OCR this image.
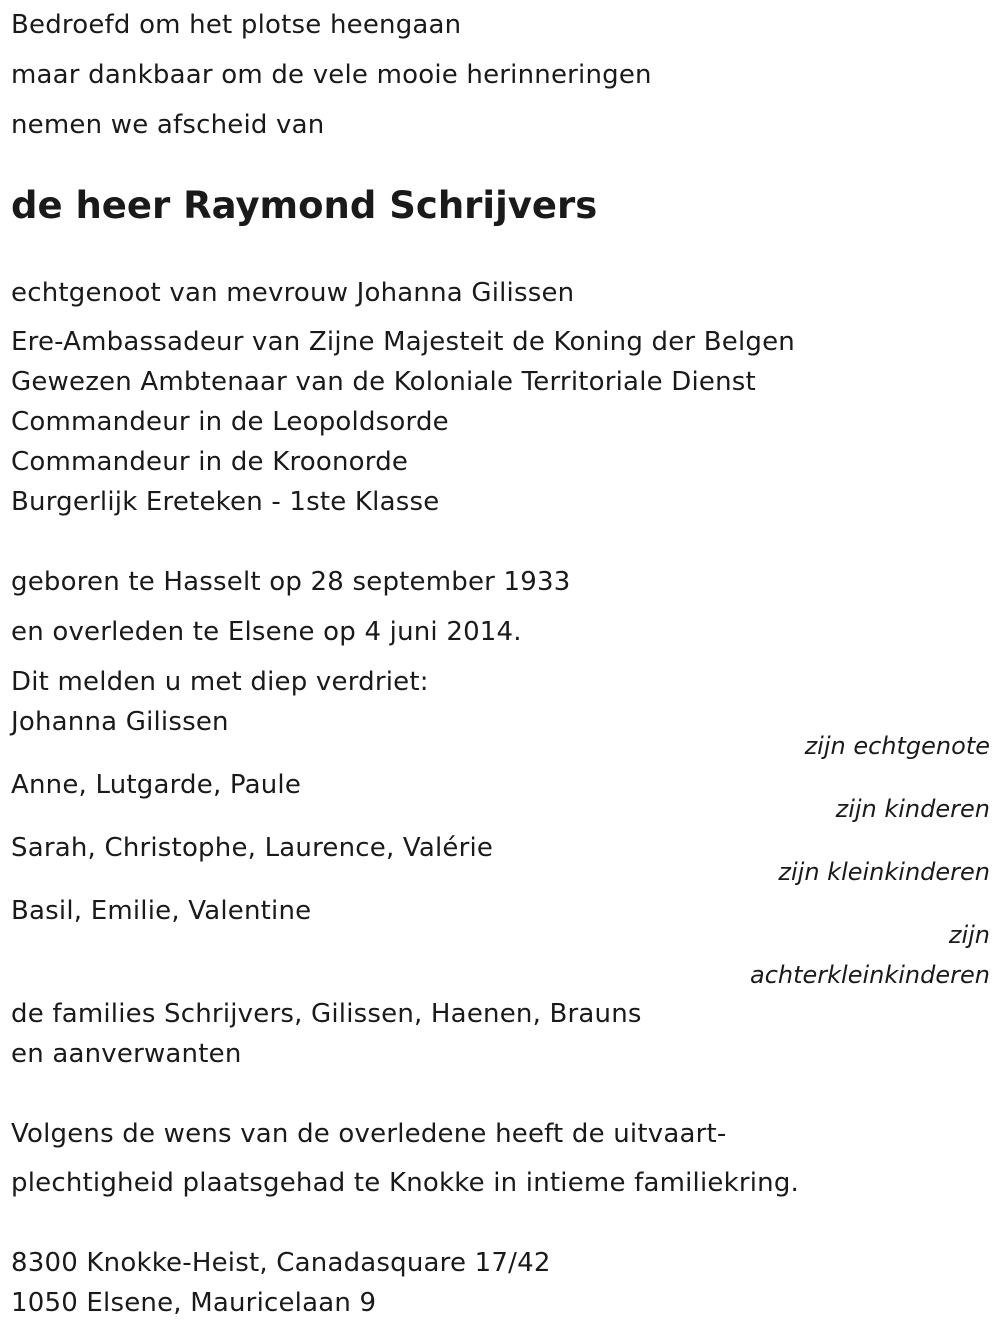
Bedroefd om het plotse heengaan
maar dankbaar om de vele mooie herinneringen
nemen we afscheid van
de heer Raymond Schrijvers
echtgenoot van mevrouw Johanna Gilissen
Ere-Ambassadeur van Zijne Majesteit de Koning der Belgen
Gewezen Ambtenaar van de Koloniale Territoriale Dienst
Commandeur in de Leopoldsorde
Commandeur in de Kroonorde
Burgerlijk Ereteken - 1ste Klasse
geboren te Hasselt op 28 september 1933
en overleden te Elsene op 4 juni 2014.
Dit melden u met diep verdriet:
Johanna Gilissen
zijn echtgenote
Anne, Lutgarde, Paule
zijn kinderen
Sarah, Christophe, Laurence, Valérie
zijn kleinkinderen
Basil, Emilie, Valentine
zijn
achterkleinkinderen
de families Schrijvers, Gilissen, Haenen, Brauns
en aanverwanten
Volgens de wens van de overledene heeft de uitvaart-
plechtigheid plaatsgehad te Knokke in intieme familiekring.
8300 Knokke-Heist, Canadasquare 17/42
1050 Elsene, Mauricelaan 9
